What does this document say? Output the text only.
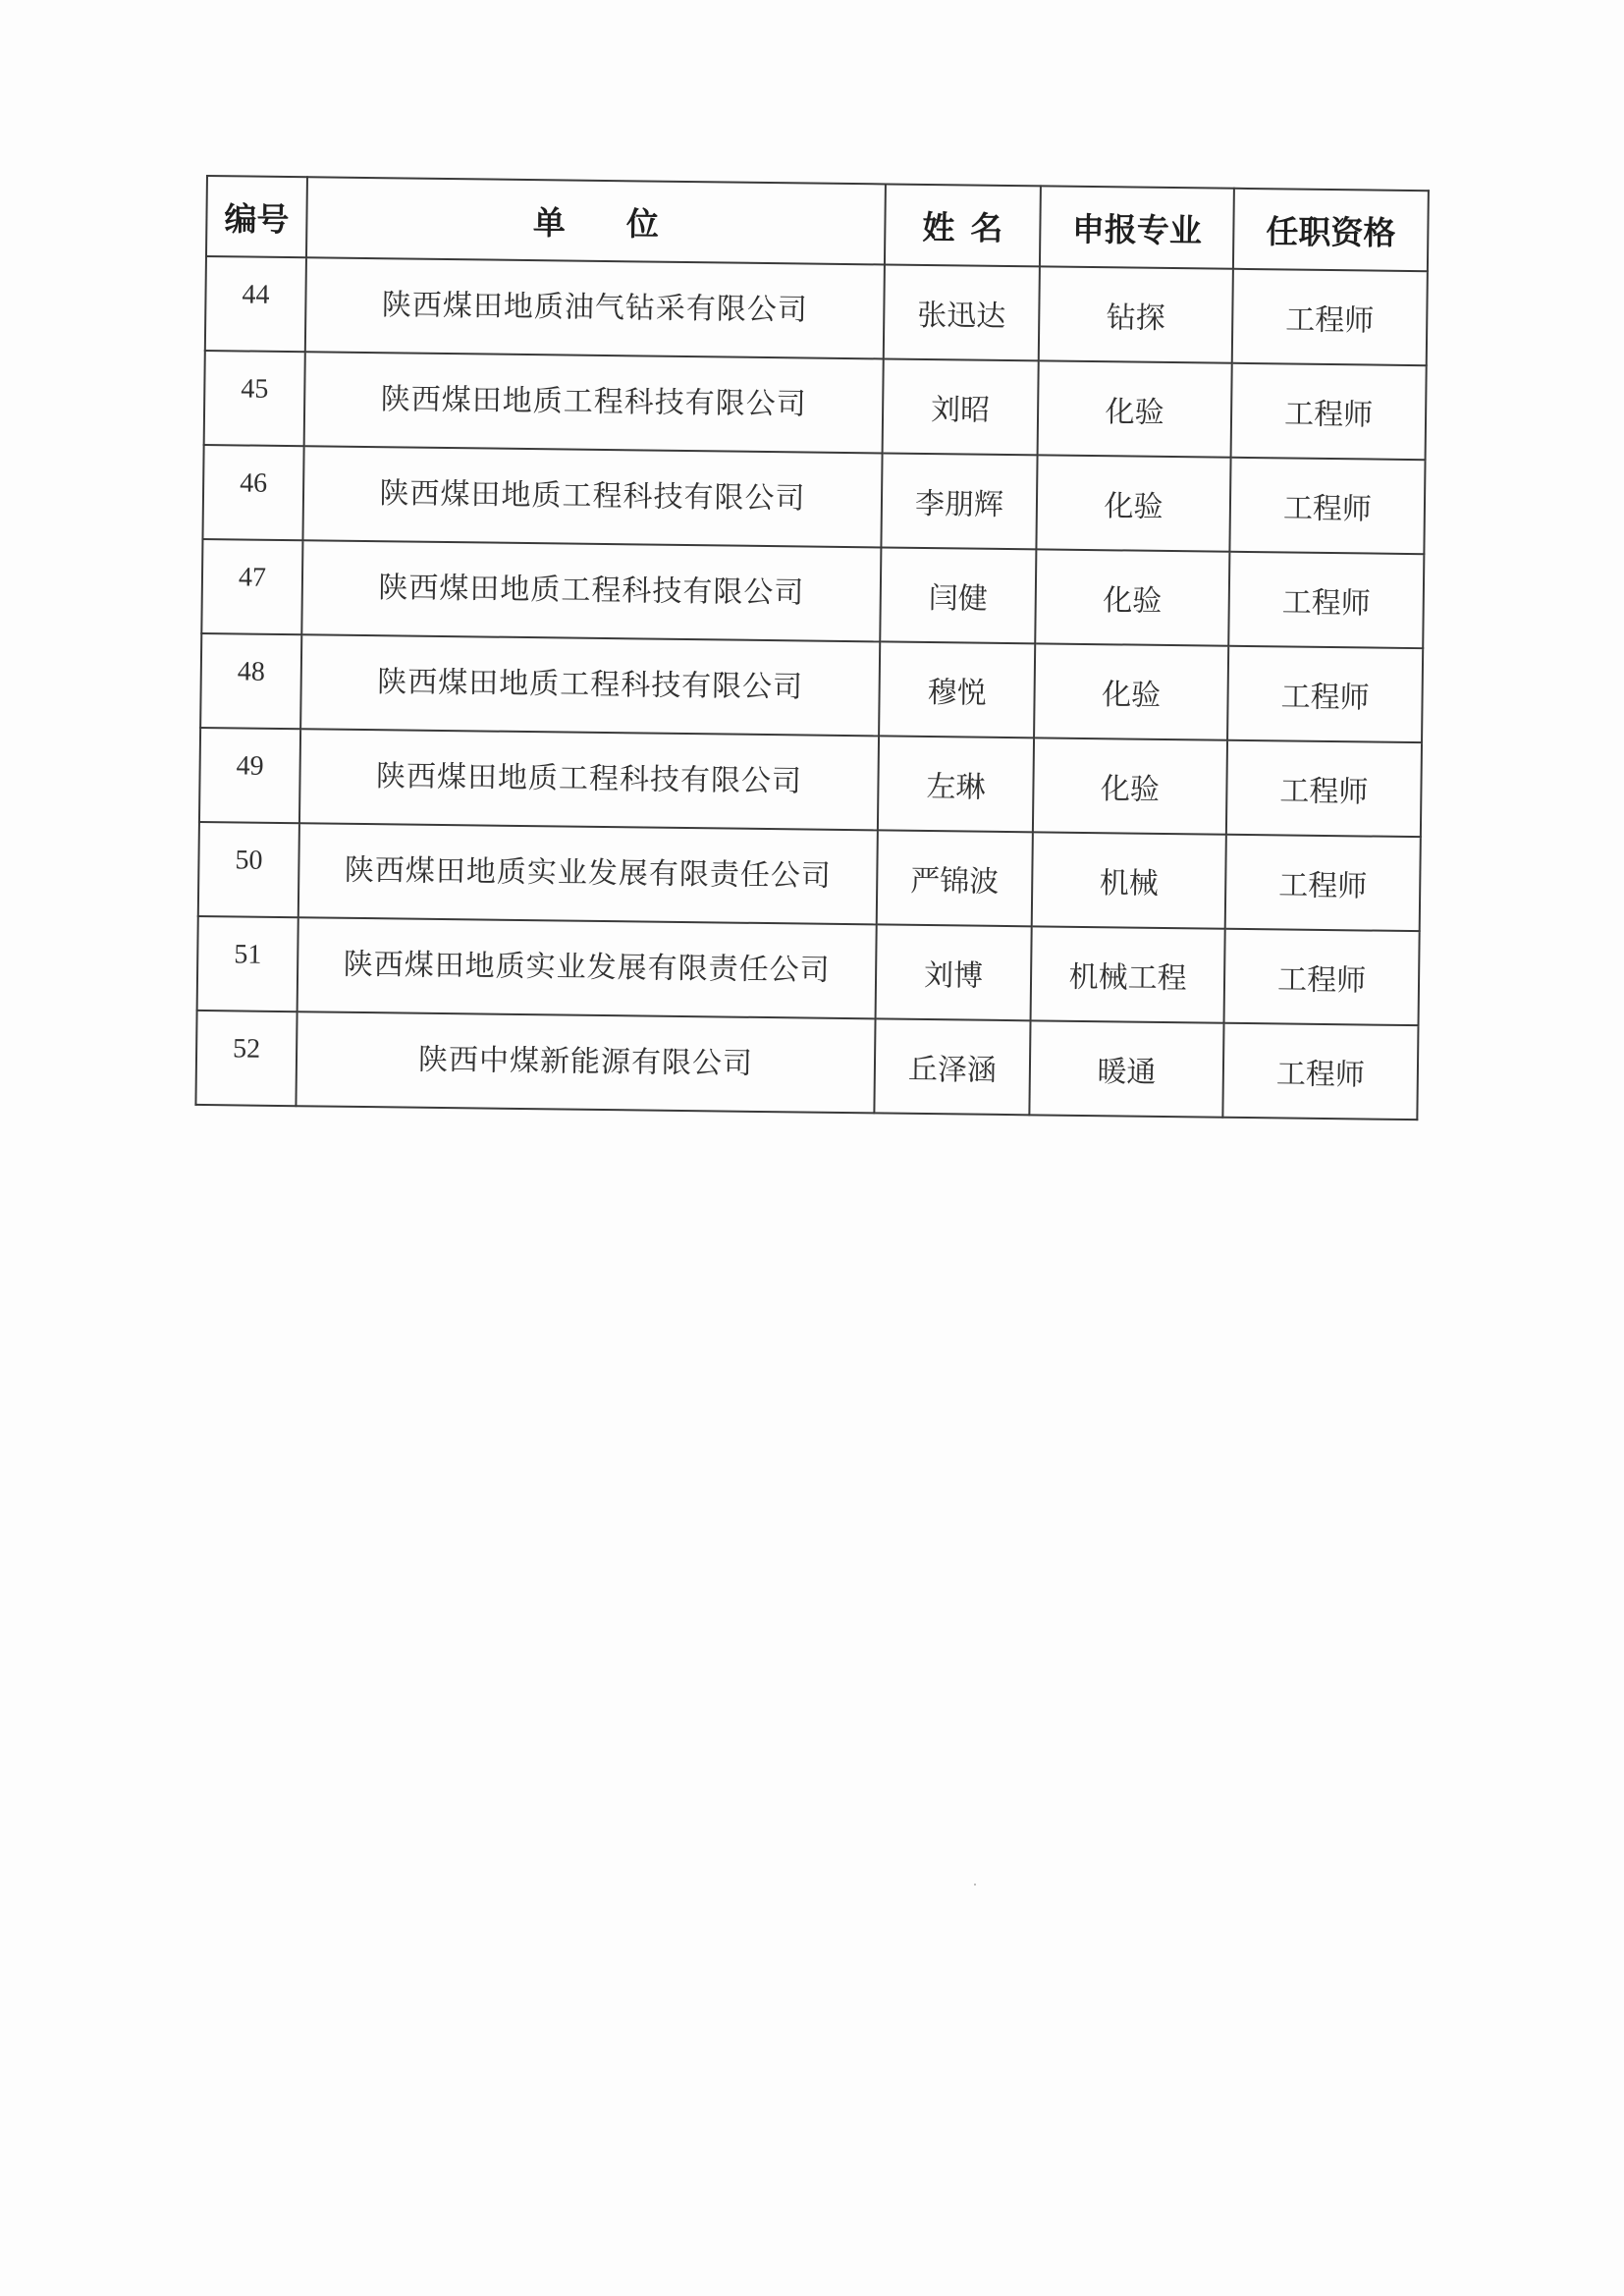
编号	单 位	姓 名	申报专业	任职资格
44	陕西煤田地质油气钻采有限公司	张迅达	钻探	工程师
45	陕西煤田地质工程科技有限公司	刘昭	化验	工程师
46	陕西煤田地质工程科技有限公司	李朋辉	化验	工程师
47	陕西煤田地质工程科技有限公司	闫健	化验	工程师
48	陕西煤田地质工程科技有限公司	穆悦	化验	工程师
49	陕西煤田地质工程科技有限公司	左琳	化验	工程师
50	陕西煤田地质实业发展有限责任公司	严锦波	机械	工程师
51	陕西煤田地质实业发展有限责任公司	刘博	机械工程	工程师
52	陕西中煤新能源有限公司	丘泽涵	暖通	工程师
